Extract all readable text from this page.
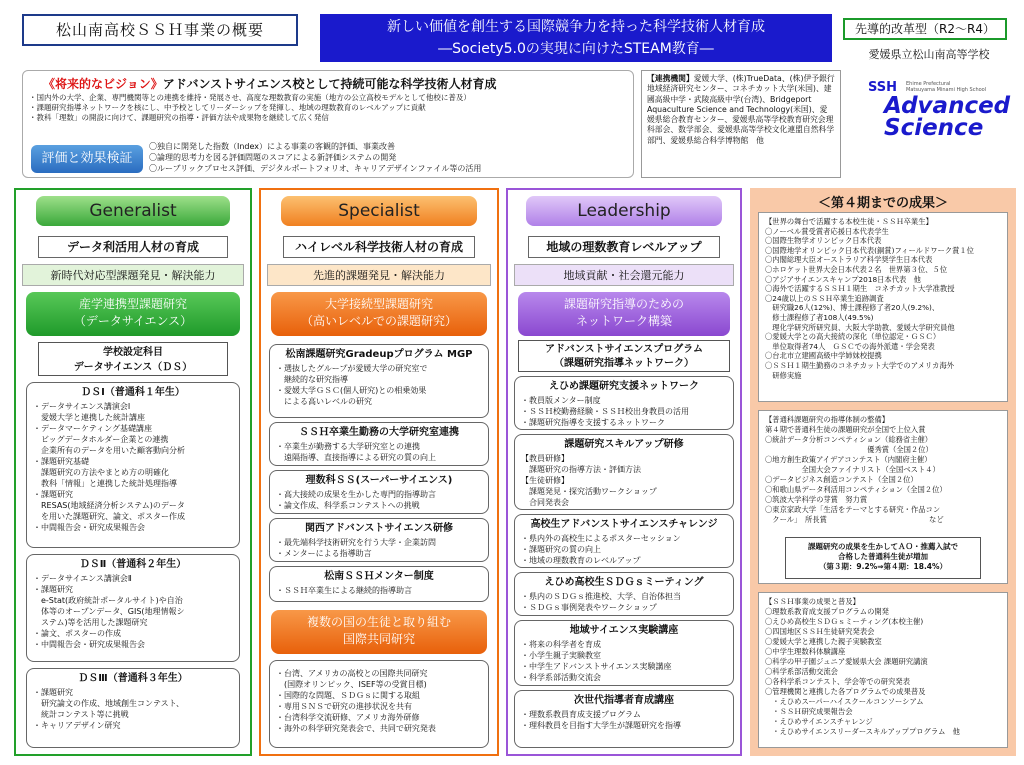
松山南高校ＳＳＨ事業の概要	新しい価値を創生する国際競争力を持った科学技術人材育成
―Society5.0の実現に向けたSTEAM教育―
先導的改革型（R2～R4）
愛媛県立松山南高等学校
《将来的なビジョン》アドバンストサイエンス校として持続可能な科学技術人材育成
・国内外の大学、企業、専門機関等との連携を維持・発展させ、高度な理数教育の実施（地方の公立高校モデルとして他校に普及）
・課題研究指導ネットワークを核にし、中予校としてリーダーシップを発揮し、地域の理数教育のレベルアップに貢献
・教科「理数」の開設に向けて、課題研究の指導・評価方法や成果物を継続して広く発信
評価と効果検証
〇独自に開発した指数（Index）による事業の客観的評価、事業改善
〇論理的思考力を図る評価問題のスコアによる新評価システムの開発
〇ルーブリックプロセス評価、デジタルポートフォリオ、キャリアデザインファイル等の活用
【連携機関】愛媛大学、(株)TrueData、(株)伊予銀行地域経済研究センター、コネチカット大学(米国)、建國高級中学・武陵高級中学(台湾)、Bridgeport Aquaculture Science and Technology(米国)、愛媛県総合教育センター、愛媛県高等学校教育研究会理科部会、数学部会、愛媛県高等学校文化連盟自然科学部門、愛媛県総合科学博物館　他
SSH Ehime Prefectural
Matsuyama Minami High School
Advanced
Science
Generalist
データ利活用人材の育成
新時代対応型課題発見・解決能力
産学連携型課題研究
（データサイエンス）
学校設定科目
データサイエンス（ＤＳ）
ＤＳⅠ（普通科１年生）
・データサイエンス講演会Ⅰ
　愛媛大学と連携した統計講座
・データマーケティング基礎講座
　ビッグデータホルダー企業との連携
　企業所有のデータを用いた顧客動向分析
・課題研究基礎
　課題研究の方法やまとめ方の明確化
　教科「情報」と連携した統計処理指導
・課題研究
　RESAS(地域経済分析システム)のデータ
　を用いた課題研究、論文、ポスター作成
・中間報告会・研究成果報告会
ＤＳⅡ（普通科２年生）
・データサイエンス講演会Ⅱ
・課題研究
　e-Stat(政府統計ポータルサイト)や自治
　体等のオープンデータ、GIS(地理情報シ
　ステム)等を活用した課題研究
・論文、ポスターの作成
・中間報告会・研究成果報告会
ＤＳⅢ（普通科３年生）
・課題研究
　研究論文の作成、地域創生コンテスト、
　統計コンテスト等に挑戦
・キャリアデザイン研究
Specialist
ハイレベル科学技術人材の育成
先進的課題発見・解決能力
大学接続型課題研究
（高いレベルでの課題研究）
松南課題研究Gradeupプログラム MGP
・選抜したグループが愛媛大学の研究室で
　継続的な研究指導
・愛媛大学ＧＳＣ(個人研究)との相乗効果
　による高いレベルの研究
ＳＳＨ卒業生勤務の大学研究室連携
・卒業生が勤務する大学研究室との連携
　遠隔指導、直接指導による研究の質の向上
理数科ＳＳ(スーパーサイエンス)
・高大接続の成果を生かした専門的指導助言
・論文作成、科学系コンテストへの挑戦
関西アドバンストサイエンス研修
・最先端科学技術研究を行う大学・企業訪問
・メンターによる指導助言
松南ＳＳＨメンター制度
・ＳＳＨ卒業生による継続的指導助言
複数の国の生徒と取り組む
国際共同研究
・台湾、アメリカの高校との国際共同研究
　(国際オリンピック、ISEF等の受賞目標)
・国際的な問題、ＳＤＧｓに関する取組
・専用ＳＮＳで研究の進捗状況を共有
・台湾科学交流研修、アメリカ海外研修
・海外の科学研究発表会で、共同で研究発表
Leadership
地域の理数教育レベルアップ
地域貢献・社会還元能力
課題研究指導のための
ネットワーク構築
アドバンストサイエンスプログラム
（課題研究指導ネットワーク）
えひめ課題研究支援ネットワーク
・教員版メンター制度
・ＳＳＨ校勤務経験・ＳＳＨ校出身教員の活用
・課題研究指導を支援するネットワーク
課題研究スキルアップ研修
【教員研修】
　課題研究の指導方法・評価方法
【生徒研修】
　課題発見・探究活動ワークショップ
　合同発表会
高校生アドバンストサイエンスチャレンジ
・県内外の高校生によるポスターセッション
・課題研究の質の向上
・地域の理数教育のレベルアップ
えひめ高校生ＳＤＧｓミーティング
・県内のＳＤＧｓ推進校、大学、自治体担当
・ＳＤＧｓ事例発表やワークショップ
地域サイエンス実験講座
・将来の科学者を育成
・小学生親子実験教室
・中学生アドバンストサイエンス実験講座
・科学系部活動交流会
次世代指導者育成講座
・理数系教員育成支援プログラム
・理科教員を目指す大学生が課題研究を指導
＜第４期までの成果＞
【世界の舞台で活躍する本校生徒・ＳＳＨ卒業生】
〇ノーベル賞受賞者応援日本代表学生
〇国際生物学オリンピック日本代表
〇国際地学オリンピック日本代表(銅賞)フィールドワーク賞１位
〇内閣総理大臣オーストラリア科学奨学生日本代表
〇ホロケット世界大会日本代表２名　世界第３位、５位
〇アジアサイエンスキャンプ2018日本代表　他
〇海外で活躍するＳＳＨ１期生　コネチカット大学准教授
〇24歳以上のＳＳＨ卒業生追跡調査
　研究職26人(12%)、博士課程修了者20人(9.2%)、
　修士課程修了者108人(49.5%)
　理化学研究所研究員、大阪大学助教、愛媛大学研究員他
〇愛媛大学との高大接続の深化（単位認定・ＧＳＣ）
　単位取得者74人　ＧＳＣでの海外派遣・学会発表
〇台北市立建國高級中学姉妹校提携
〇ＳＳＨ１期生勤務のコネチカット大学でのアメリカ海外
　研修実施
【普通科課題研究の指導体制の整備】
第４期で普通科生徒の課題研究が全国で上位入賞
〇統計データ分析コンペティション（総務省主催）
　　　　　　　　　　　　　　優秀賞（全国２位）
〇地方創生政策アイデアコンテスト（内閣府主催）
　　　　　全国大会ファイナリスト（全国ベスト４）
〇データビジネス創造コンテスト（全国２位）
〇和歌山県データ利活用コンペティション（全国２位）
〇筑波大学科学の芽賞　努力賞
〇東京家政大学「生活をテーマとする研究・作品コン
　クール」　所長賞　　　　　　　　　　　　　　など
課題研究の成果を生かしてＡＯ・推薦入試で
合格した普通科生徒が増加
（第３期：9.2%⇒第４期：18.4%）
【ＳＳＨ事業の成果と普及】
〇理数系教育成支援プログラムの開発
〇えひめ高校生ＳＤＧｓミーティング(本校主催)
〇四国地区ＳＳＨ生徒研究発表会
〇愛媛大学と連携した親子実験教室
〇中学生理数科体験講座
〇科学の甲子園ジュニア愛媛県大会 課題研究講演
〇科学系部活動交流会
〇各科学系コンテスト、学会等での研究発表
〇管理機関と連携した各プログラムでの成果普及
　・えひめスーパーハイスクールコンソーシアム
　・ＳＳＨ研究成果報告会
　・えひめサイエンスチャレンジ
　・えひめサイエンスリーダースキルアッププログラム　他
